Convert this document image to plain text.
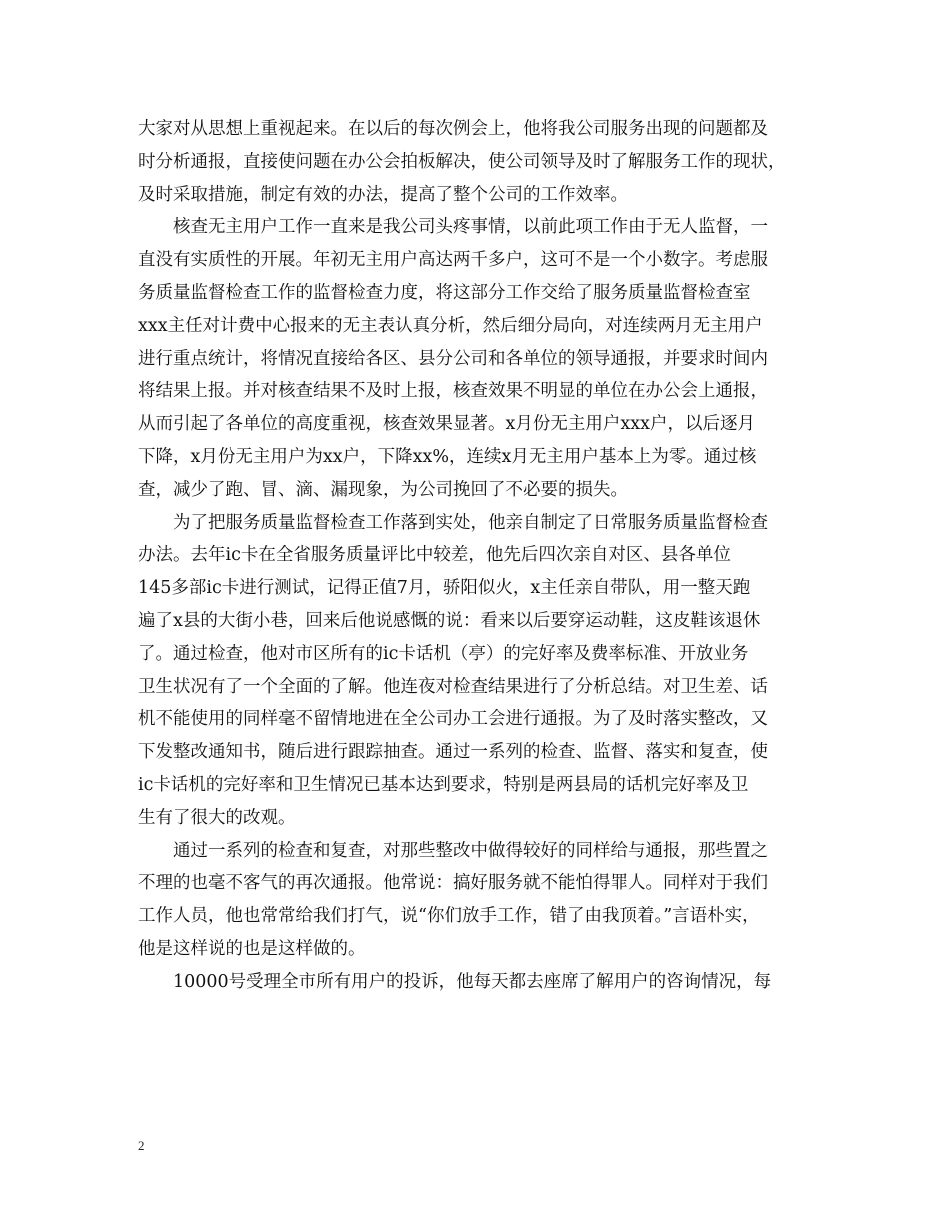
大家对从思想上重视起来。在以后的每次例会上，他将我公司服务出现的问题都及
时分析通报，直接使问题在办公会拍板解决，使公司领导及时了解服务工作的现状，
及时采取措施，制定有效的办法，提高了整个公司的工作效率。

核查无主用户工作一直来是我公司头疼事情，以前此项工作由于无人监督，一
直没有实质性的开展。年初无主用户高达两千多户，这可不是一个小数字。考虑服
务质量监督检查工作的监督检查力度，将这部分工作交给了服务质量监督检查室
xxx主任对计费中心报来的无主表认真分析，然后细分局向，对连续两月无主用户
进行重点统计，将情况直接给各区、县分公司和各单位的领导通报，并要求时间内
将结果上报。并对核查结果不及时上报，核查效果不明显的单位在办公会上通报，
从而引起了各单位的高度重视，核查效果显著。x月份无主用户xxx户，以后逐月
下降，x月份无主用户为xx户，下降xx%，连续x月无主用户基本上为零。通过核
查，减少了跑、冒、滴、漏现象，为公司挽回了不必要的损失。

为了把服务质量监督检查工作落到实处，他亲自制定了日常服务质量监督检查
办法。去年ic卡在全省服务质量评比中较差，他先后四次亲自对区、县各单位
145多部ic卡进行测试，记得正值7月，骄阳似火，x主任亲自带队，用一整天跑
遍了x县的大街小巷，回来后他说感慨的说：看来以后要穿运动鞋，这皮鞋该退休
了。通过检查，他对市区所有的ic卡话机（亭）的完好率及费率标准、开放业务
卫生状况有了一个全面的了解。他连夜对检查结果进行了分析总结。对卫生差、话
机不能使用的同样毫不留情地进在全公司办工会进行通报。为了及时落实整改，又
下发整改通知书，随后进行跟踪抽查。通过一系列的检查、监督、落实和复查，使
ic卡话机的完好率和卫生情况已基本达到要求，特别是两县局的话机完好率及卫
生有了很大的改观。

通过一系列的检查和复查，对那些整改中做得较好的同样给与通报，那些置之
不理的也毫不客气的再次通报。他常说：搞好服务就不能怕得罪人。同样对于我们
工作人员，他也常常给我们打气，说“你们放手工作，错了由我顶着。”言语朴实，
他是这样说的也是这样做的。

10000号受理全市所有用户的投诉，他每天都去座席了解用户的咨询情况，每

2
